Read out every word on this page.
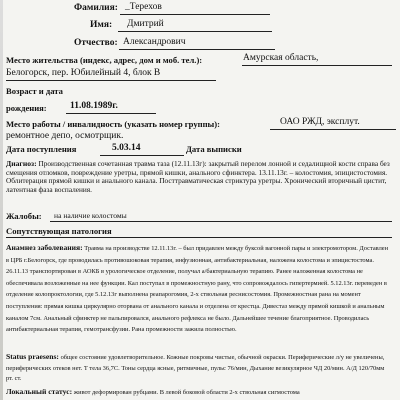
Фамилия: _Терехов
Имя: Дмитрий
Отчество: Александрович
Место жительства (индекс, адрес, дом и моб. тел.):	Амурская область,
Белогорск, пер. Юбилейный 4, блок В
Возраст и дата
рождения: 11.08.1989г.
Место работы / инвалидность (указать номер группы):	ОАО РЖД, эксплут.
ремонтное депо, осмотрщик.
Дата поступления	5.03.14	Дата выписки
Диагноз: Производственная сочетанная травма таза (12.11.13г): закрытый перелом лонной и седалищной кости справа без смещения отломков, повреждение уретры, прямой кишки, анального сфинктера. 13.11.13г. – колостомия, эпицистостомия. Облитерация прямой кишки и анального канала. Посттравматическая стриктура уретры. Хронический вторичный цистит, латентная фаза воспаления.
Жалобы: на наличие колостомы
Сопутствующая патология
Анамнез заболевания: Травма на производстве 12.11.13г. – был придавлен между буксой вагонной пары и электромотором. Доставлен в ЦРБ г.Белогорск, где проводилась противошоковая терапия, инфузионная, антибактериальная, наложена колостома и эпицистостома. 26.11.13 транспортирован в АОКБ в урологическое отделение, получал а/бактериальную терапию. Ранее наложенная колостома не обеспечивала возложенные на нее функции. Кал поступал в промежностную рану, что сопровождалось гипертермией. 5.12.13г. переведен в отделение колопроктологии, где 5.12.13г выполнена реапарогомия, 2-х ствольная реснисостомия. Промежностная рана на момент поступления: прямая кишка циркулярно оторвана от анального канала и отделена от крестца. Дивестаз между прямой кишкой и анальным каналом 7см. Анальный сфинктер не пальпировался, анального рефлекса не было. Дальнейшее течение благоприятное. Проводилась антибактериальная терапия, гемотрансфузии. Рана промежности зажила полностью.
Status praesens: общее состояние удовлетворительное. Кожные покровы чистые, обычной окраски. Периферические л/у не увеличены, периферических отеков нет. Т тела 36,7С. Тоны сердца ясные, ритмичные, пульс 76/мин, Дыхание везикулярное ЧД 20/мин. А/Д 120/70мм рт. ст.
Локальный статус: живот деформирован рубцами. В левой боковой области 2-х ствольная сигмостома
